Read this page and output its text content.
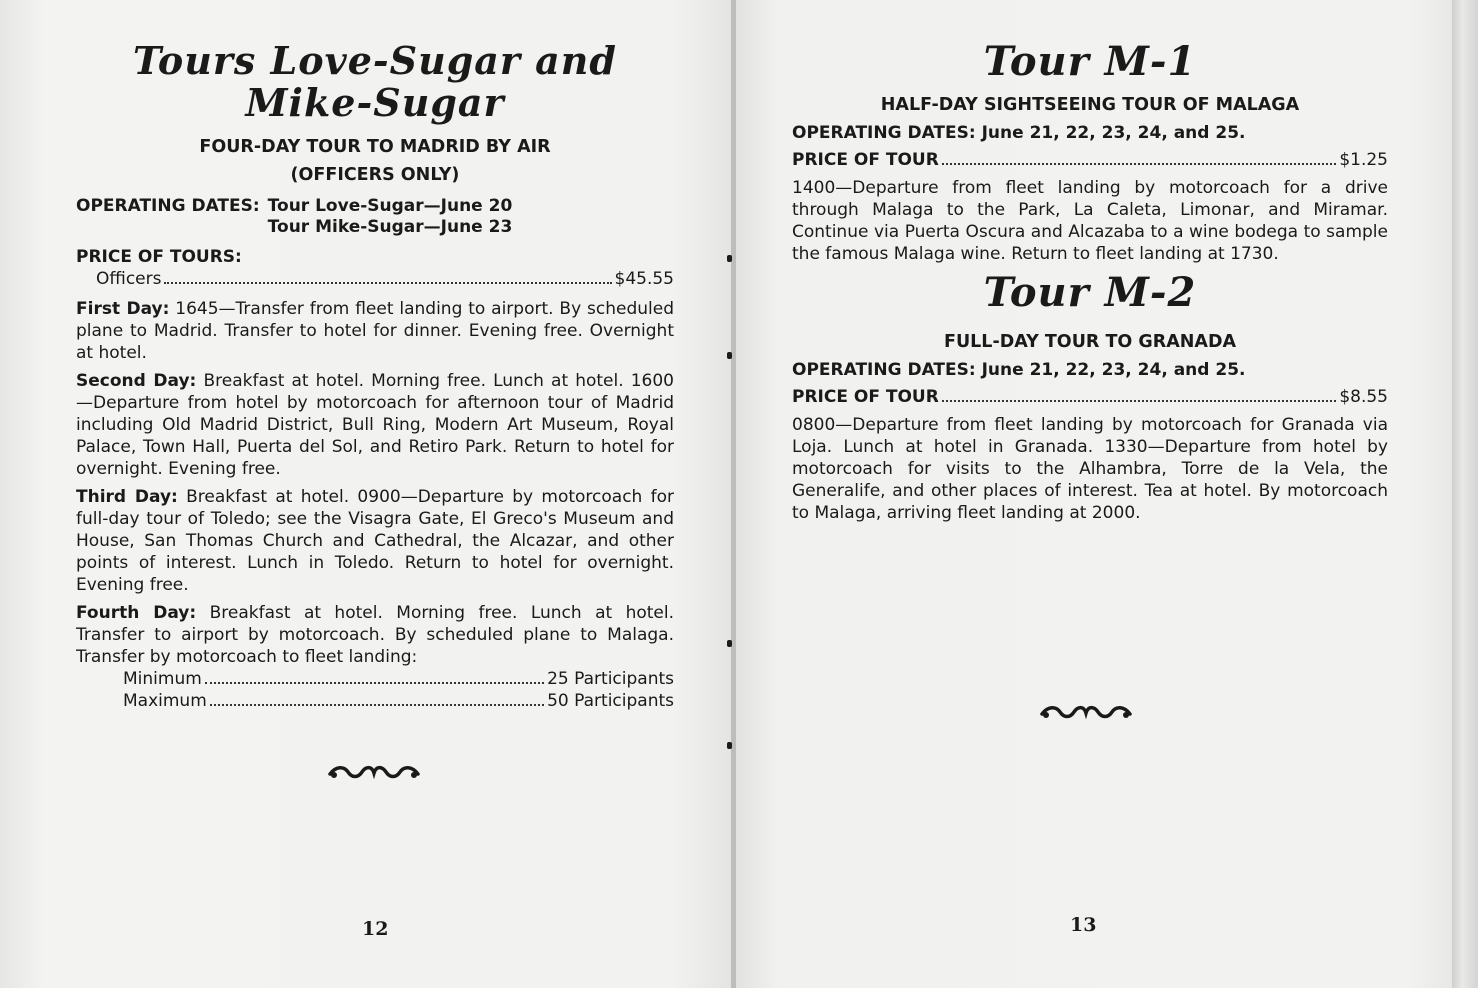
Tours Love-Sugar and Mike-Sugar
FOUR-DAY TOUR TO MADRID BY AIR
(OFFICERS ONLY)
OPERATING DATES: Tour Love-Sugar—June 20
Tour Mike-Sugar—June 23
PRICE OF TOURS:
Officers	$45.55

First Day: 1645—Transfer from fleet landing to airport. By scheduled plane to Madrid. Transfer to hotel for dinner. Evening free. Overnight at hotel.

Second Day: Breakfast at hotel. Morning free. Lunch at hotel. 1600—Departure from hotel by motorcoach for afternoon tour of Madrid including Old Madrid District, Bull Ring, Modern Art Museum, Royal Palace, Town Hall, Puerta del Sol, and Retiro Park. Return to hotel for overnight. Evening free.

Third Day: Breakfast at hotel. 0900—Departure by motorcoach for full-day tour of Toledo; see the Visagra Gate, El Greco's Museum and House, San Thomas Church and Cathedral, the Alcazar, and other points of interest. Lunch in Toledo. Return to hotel for overnight. Evening free.

Fourth Day: Breakfast at hotel. Morning free. Lunch at hotel. Transfer to airport by motorcoach. By scheduled plane to Malaga. Transfer by motorcoach to fleet landing:

Minimum	25 Participants
Maximum	50 Participants
12
Tour M-1
HALF-DAY SIGHTSEEING TOUR OF MALAGA
OPERATING DATES: June 21, 22, 23, 24, and 25.
PRICE OF TOUR	$1.25

1400—Departure from fleet landing by motorcoach for a drive through Malaga to the Park, La Caleta, Limonar, and Miramar. Continue via Puerta Oscura and Alcazaba to a wine bodega to sample the famous Malaga wine. Return to fleet landing at 1730.

Tour M-2
FULL-DAY TOUR TO GRANADA
OPERATING DATES: June 21, 22, 23, 24, and 25.
PRICE OF TOUR	$8.55

0800—Departure from fleet landing by motorcoach for Granada via Loja. Lunch at hotel in Granada. 1330—Departure from hotel by motorcoach for visits to the Alhambra, Torre de la Vela, the Generalife, and other places of interest. Tea at hotel. By motorcoach to Malaga, arriving fleet landing at 2000.

13
